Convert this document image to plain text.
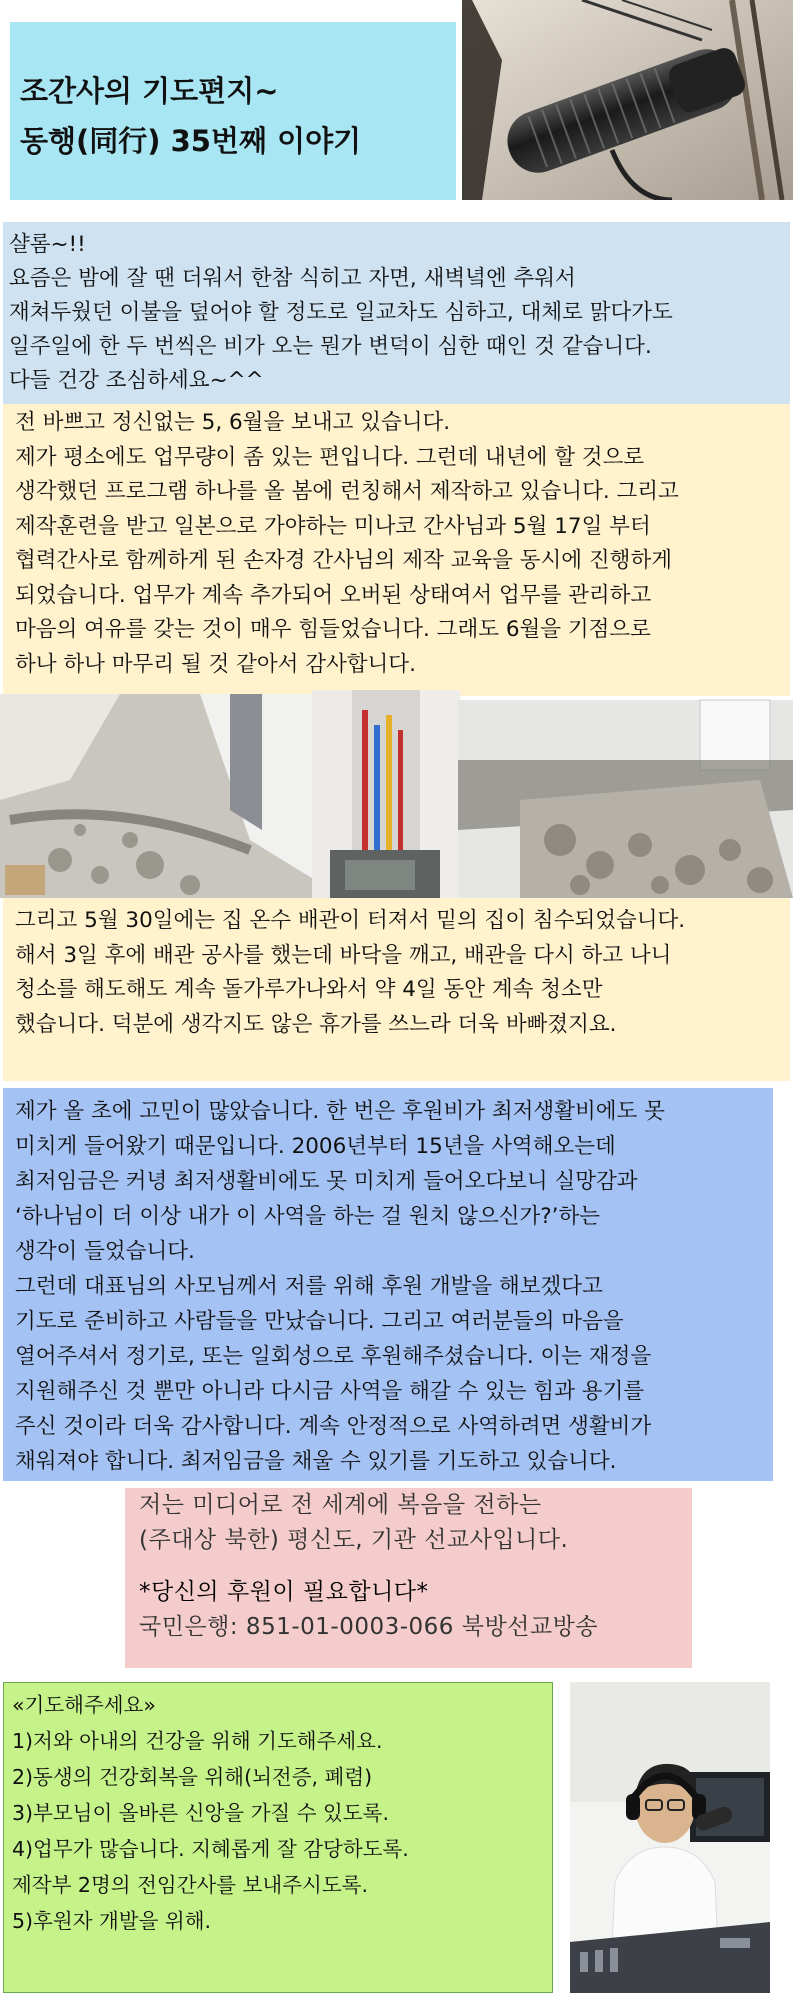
조간사의 기도편지~
동행(同行) 35번째 이야기
샬롬~!!
요즘은 밤에 잘 땐 더워서 한참 식히고 자면, 새벽녘엔 추워서
재쳐두웠던 이불을 덮어야 할 정도로 일교차도 심하고, 대체로 맑다가도
일주일에 한 두 번씩은 비가 오는 뭔가 변덕이 심한 때인 것 같습니다.
다들 건강 조심하세요~^^
전 바쁘고 정신없는 5, 6월을 보내고 있습니다.
제가 평소에도 업무량이 좀 있는 편입니다. 그런데 내년에 할 것으로
생각했던 프로그램 하나를 올 봄에 런칭해서 제작하고 있습니다. 그리고
제작훈련을 받고 일본으로 가야하는 미나코 간사님과 5월 17일 부터
협력간사로 함께하게 된 손자경 간사님의 제작 교육을 동시에 진행하게
되었습니다. 업무가 계속 추가되어 오버된 상태여서 업무를 관리하고
마음의 여유를 갖는 것이 매우 힘들었습니다. 그래도 6월을 기점으로
하나 하나 마무리 될 것 같아서 감사합니다.
그리고 5월 30일에는 집 온수 배관이 터져서 밑의 집이 침수되었습니다.
해서 3일 후에 배관 공사를 했는데 바닥을 깨고, 배관을 다시 하고 나니
청소를 해도해도 계속 돌가루가나와서 약 4일 동안 계속 청소만
했습니다. 덕분에 생각지도 않은 휴가를 쓰느라 더욱 바빠졌지요.
제가 올 초에 고민이 많았습니다. 한 번은 후원비가 최저생활비에도 못
미치게 들어왔기 때문입니다. 2006년부터 15년을 사역해오는데
최저임금은 커녕 최저생활비에도 못 미치게 들어오다보니 실망감과
‘하나님이 더 이상 내가 이 사역을 하는 걸 원치 않으신가?’하는
생각이 들었습니다.
그런데 대표님의 사모님께서 저를 위해 후원 개발을 해보겠다고
기도로 준비하고 사람들을 만났습니다. 그리고 여러분들의 마음을
열어주셔서 정기로, 또는 일회성으로 후원해주셨습니다. 이는 재정을
지원해주신 것 뿐만 아니라 다시금 사역을 해갈 수 있는 힘과 용기를
주신 것이라 더욱 감사합니다. 계속 안정적으로 사역하려면 생활비가
채워져야 합니다. 최저임금을 채울 수 있기를 기도하고 있습니다.
저는 미디어로 전 세계에 복음을 전하는
(주대상 북한) 평신도, 기관 선교사입니다.
*당신의 후원이 필요합니다*
국민은행: 851-01-0003-066 북방선교방송
«기도해주세요»
1)저와 아내의 건강을 위해 기도해주세요.
2)동생의 건강회복을 위해(뇌전증, 폐렴)
3)부모님이 올바른 신앙을 가질 수 있도록.
4)업무가 많습니다. 지혜롭게 잘 감당하도록.
제작부 2명의 전임간사를 보내주시도록.
5)후원자 개발을 위해.
